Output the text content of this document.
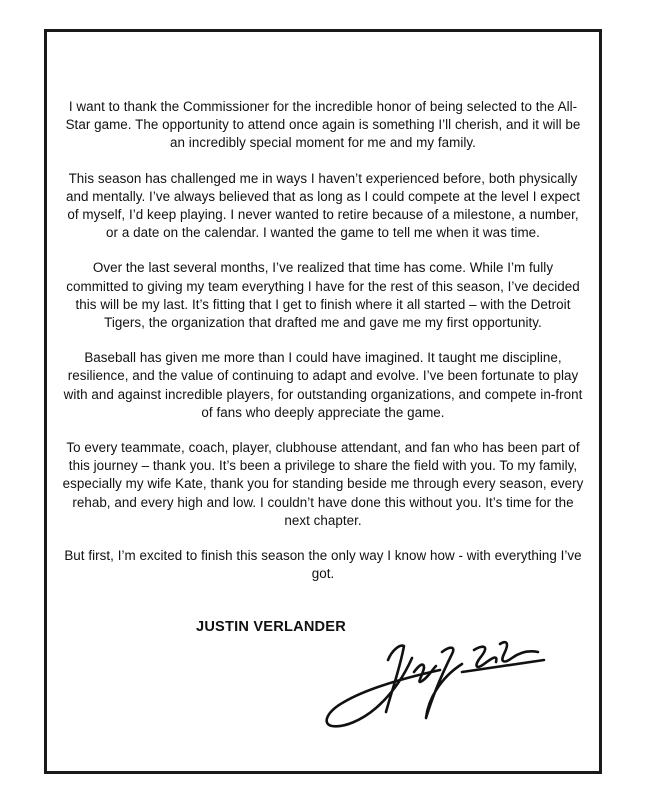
I want to thank the Commissioner for the incredible honor of being selected to the All-Star game. The opportunity to attend once again is something I’ll cherish, and it will be an incredibly special moment for me and my family.

This season has challenged me in ways I haven’t experienced before, both physically and mentally. I’ve always believed that as long as I could compete at the level I expect of myself, I’d keep playing. I never wanted to retire because of a milestone, a number, or a date on the calendar. I wanted the game to tell me when it was time.

Over the last several months, I’ve realized that time has come. While I’m fully committed to giving my team everything I have for the rest of this season, I’ve decided this will be my last. It’s fitting that I get to finish where it all started – with the Detroit Tigers, the organization that drafted me and gave me my first opportunity.

Baseball has given me more than I could have imagined. It taught me discipline, resilience, and the value of continuing to adapt and evolve. I’ve been fortunate to play with and against incredible players, for outstanding organizations, and compete in-front of fans who deeply appreciate the game.

To every teammate, coach, player, clubhouse attendant, and fan who has been part of this journey – thank you. It’s been a privilege to share the field with you. To my family, especially my wife Kate, thank you for standing beside me through every season, every rehab, and every high and low. I couldn’t have done this without you. It’s time for the next chapter.

But first, I’m excited to finish this season the only way I know how - with everything I’ve got.

JUSTIN VERLANDER
